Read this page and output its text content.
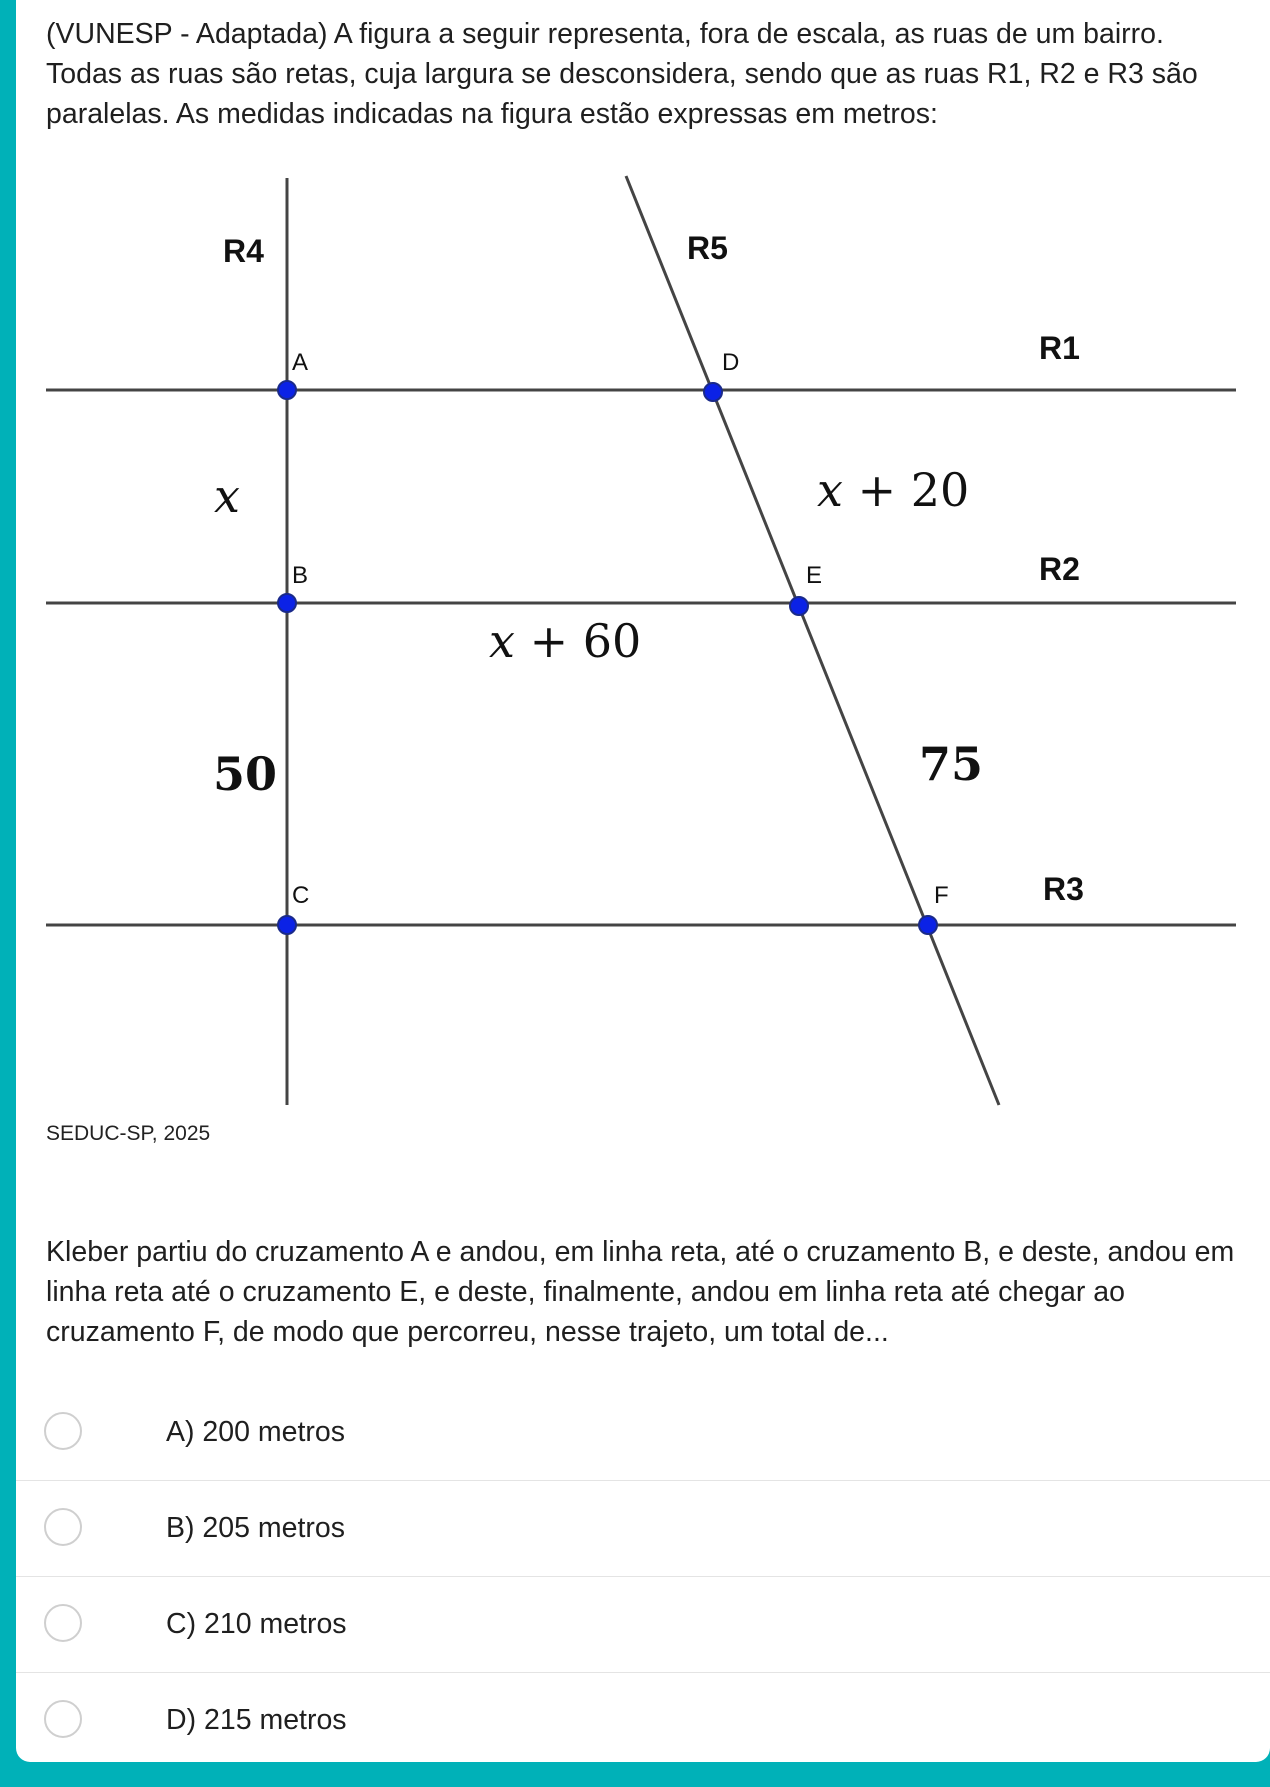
(VUNESP - Adaptada) A figura a seguir representa, fora de escala, as ruas de um bairro. Todas as ruas são retas, cuja largura se desconsidera, sendo que as ruas R1, R2 e R3 são paralelas. As medidas indicadas na figura estão expressas em metros:

R4	R5
R1
R2
R3
A
B
C
D
E
F
x	x + 20
x + 60
50	75
SEDUC-SP, 2025

Kleber partiu do cruzamento A e andou, em linha reta, até o cruzamento B, e deste, andou em linha reta até o cruzamento E, e deste, finalmente, andou em linha reta até chegar ao cruzamento F, de modo que percorreu, nesse trajeto, um total de...

A) 200 metros
B) 205 metros
C) 210 metros
D) 215 metros
